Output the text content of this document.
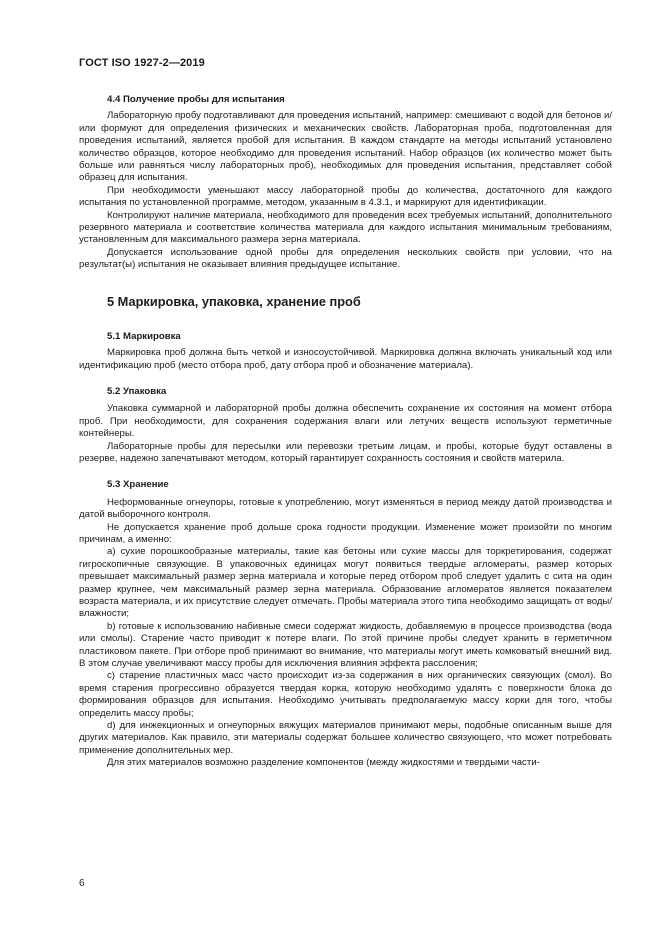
ГОСТ ISO 1927-2—2019
4.4 Получение пробы для испытания

Лабораторную пробу подготавливают для проведения испытаний, например: смешивают с водой для бетонов и/или формуют для определения физических и механических свойств. Лабораторная проба, подготовленная для проведения испытаний, является пробой для испытания. В каждом стандарте на методы испытаний установлено количество образцов, которое необходимо для проведения испытаний. Набор образцов (их количество может быть больше или равняться числу лабораторных проб), необходимых для проведения испытания, представляет собой образец для испытания.

При необходимости уменьшают массу лабораторной пробы до количества, достаточного для каждого испытания по установленной программе, методом, указанным в 4.3.1, и маркируют для идентификации.

Контролируют наличие материала, необходимого для проведения всех требуемых испытаний, дополнительного резервного материала и соответствие количества материала для каждого испытания минимальным требованиям, установленным для максимального размера зерна материала.

Допускается использование одной пробы для определения нескольких свойств при условии, что на результат(ы) испытания не оказывает влияния предыдущее испытание.

5 Маркировка, упаковка, хранение проб
5.1 Маркировка

Маркировка проб должна быть четкой и износоустойчивой. Маркировка должна включать уникальный код или идентификацию проб (место отбора проб, дату отбора проб и обозначение материала).

5.2 Упаковка

Упаковка суммарной и лабораторной пробы должна обеспечить сохранение их состояния на момент отбора проб. При необходимости, для сохранения содержания влаги или летучих веществ используют герметичные контейнеры.

Лабораторные пробы для пересылки или перевозки третьим лицам, и пробы, которые будут оставлены в резерве, надежно запечатывают методом, который гарантирует сохранность состояния и свойств материла.

5.3 Хранение

Неформованные огнеупоры, готовые к употреблению, могут изменяться в период между датой производства и датой выборочного контроля.

Не допускается хранение проб дольше срока годности продукции. Изменение может произойти по многим причинам, а именно:

а) сухие порошкообразные материалы, такие как бетоны или сухие массы для торкретирования, содержат гигроскопичные связующие. В упаковочных единицах могут появиться твердые агломераты, размер которых превышает максимальный размер зерна материала и которые перед отбором проб следует удалить с сита на один размер крупнее, чем максимальный размер зерна материала. Образование агломератов является показателем возраста материала, и их присутствие следует отмечать. Пробы материала этого типа необходимо защищать от воды/влажности;

b) готовые к использованию набивные смеси содержат жидкость, добавляемую в процессе производства (вода или смолы). Старение часто приводит к потере влаги. По этой причине пробы следует хранить в герметичном пластиковом пакете. При отборе проб принимают во внимание, что материалы могут иметь комковатый внешний вид. В этом случае увеличивают массу пробы для исключения влияния эффекта расслоения;

c) старение пластичных масс часто происходит из-за содержания в них органических связующих (смол). Во время старения прогрессивно образуется твердая корка, которую необходимо удалять с поверхности блока до формирования образцов для испытания. Необходимо учитывать предполагаемую массу корки для того, чтобы определить массу пробы;

d) для инжекционных и огнеупорных вяжущих материалов принимают меры, подобные описанным выше для других материалов. Как правило, эти материалы содержат большее количество связующего, что может потребовать применение дополнительных мер.

Для этих материалов возможно разделение компонентов (между жидкостями и твердыми части-

6
